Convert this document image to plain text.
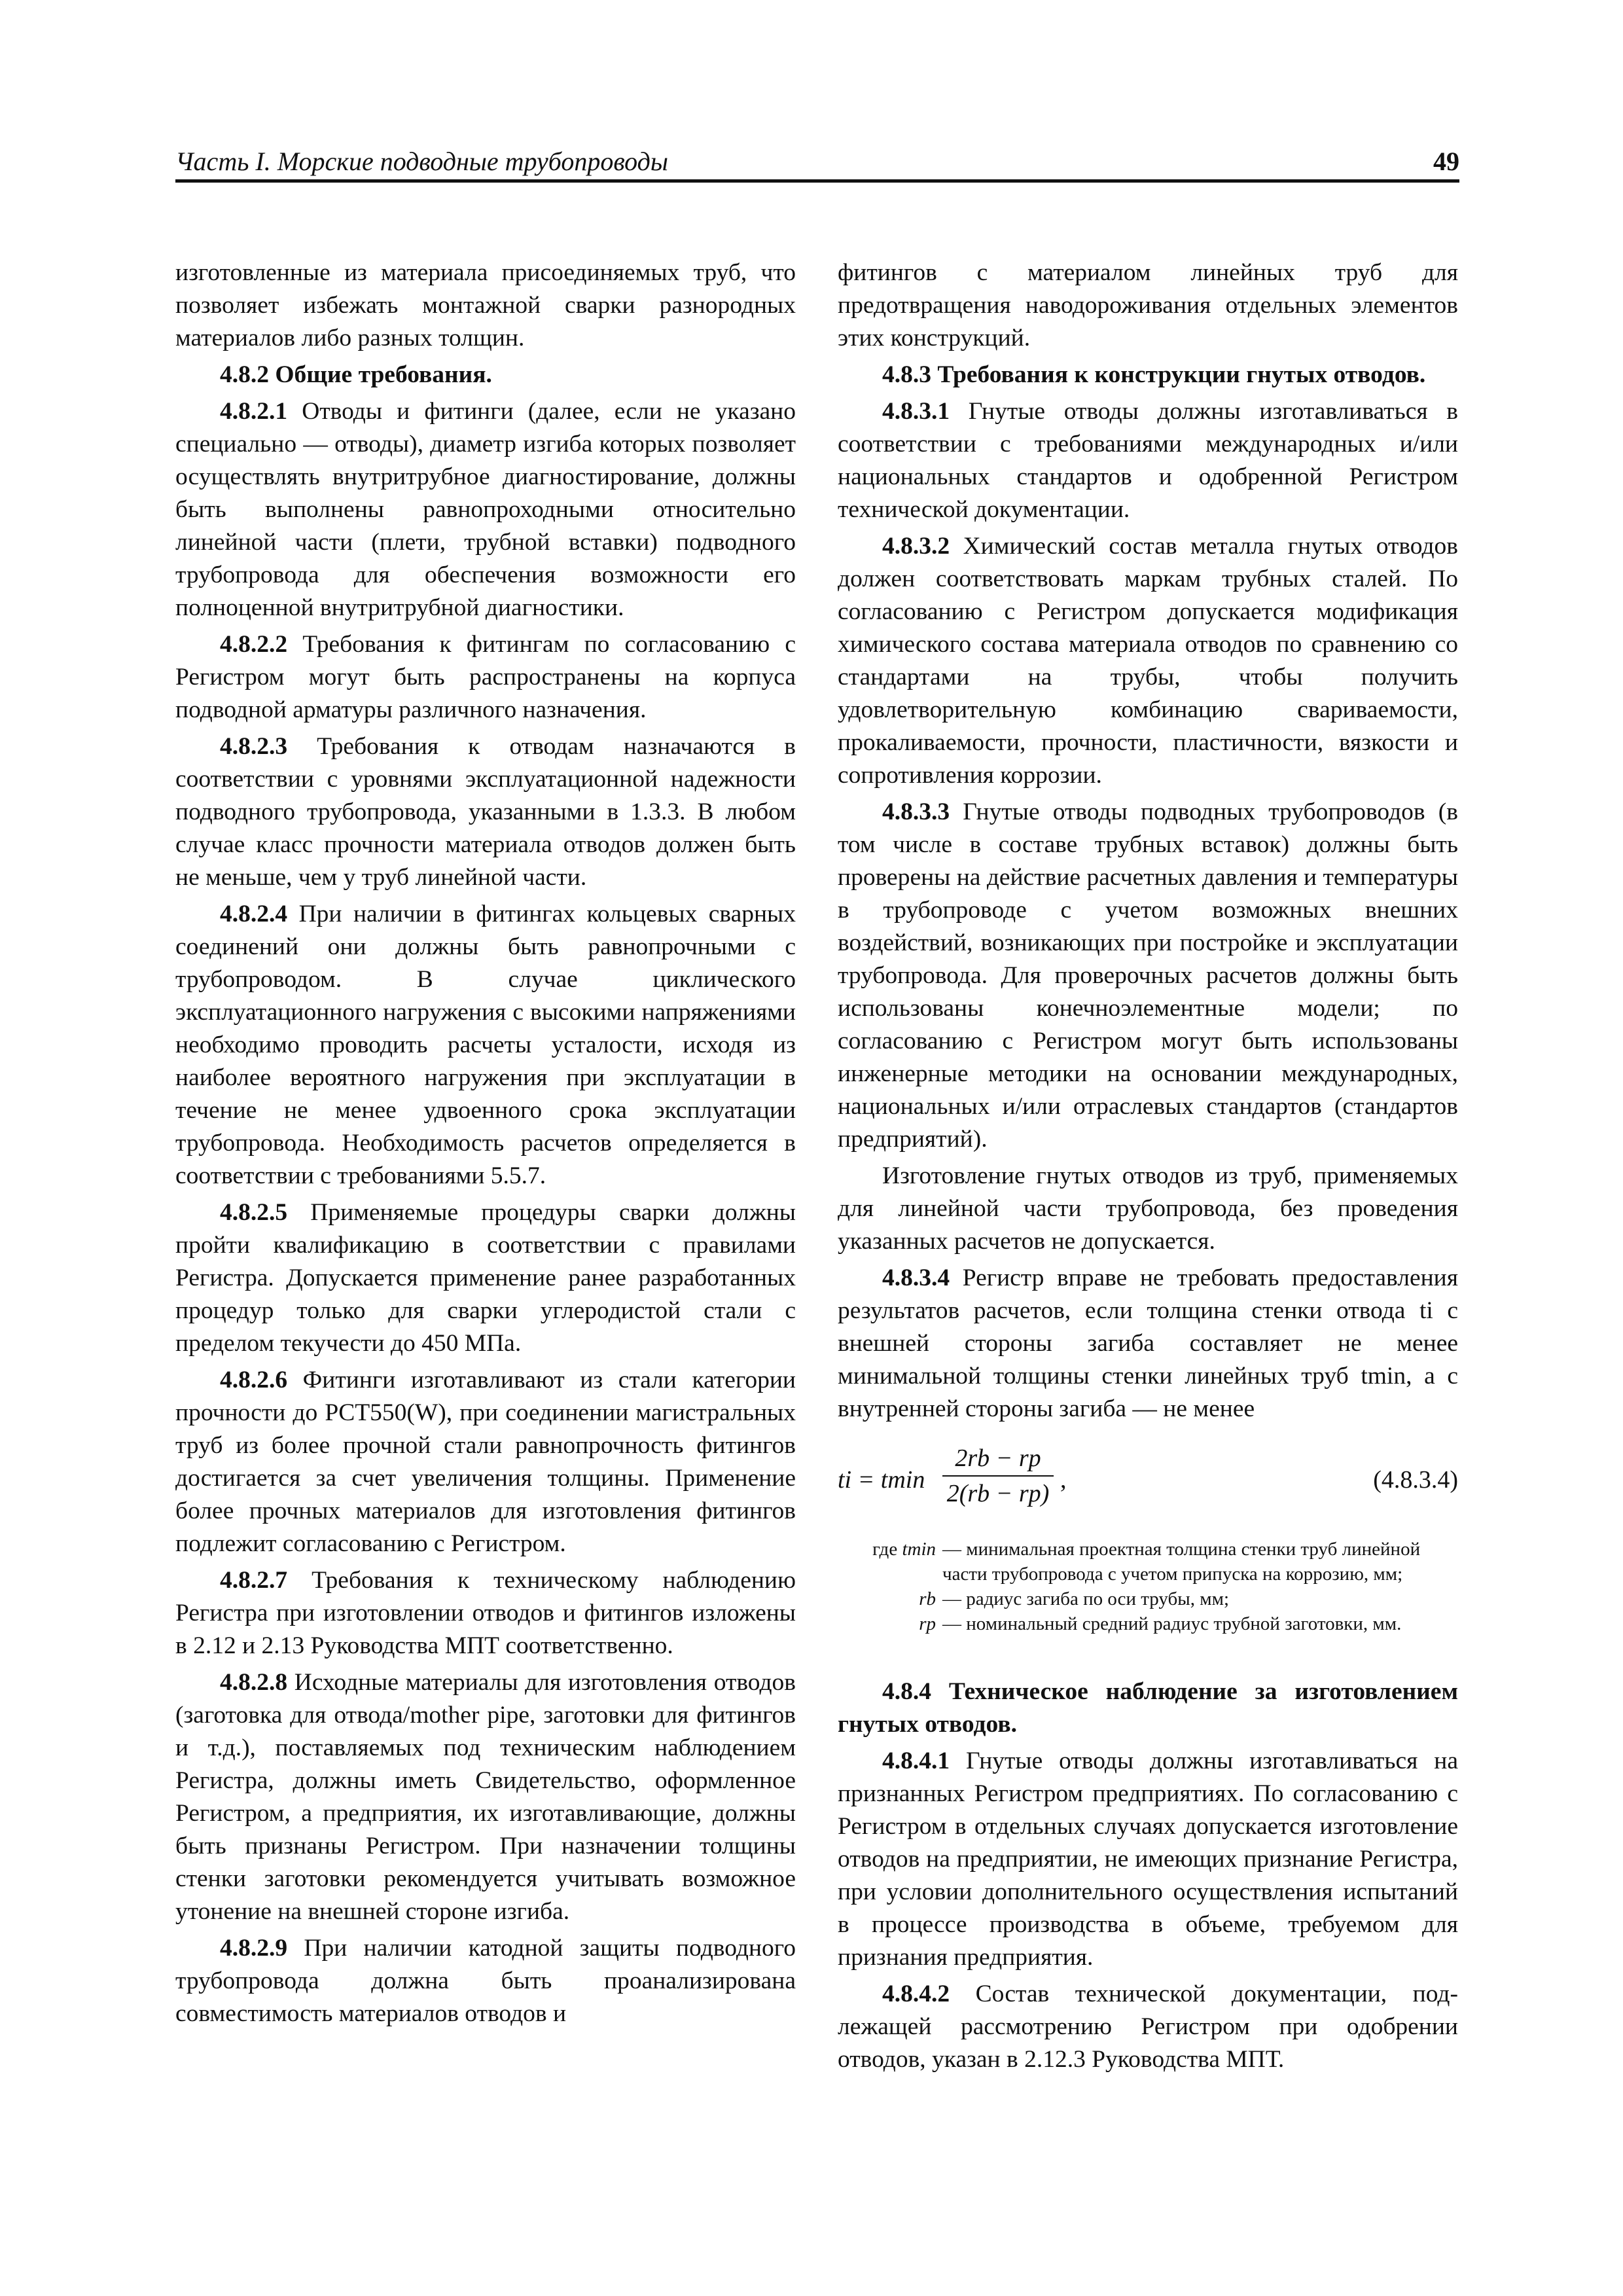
Часть I. Морские подводные трубопроводы	49

изготовленные из материала присоединяемых труб, что позволяет избежать монтажной сварки разнородных материалов либо разных толщин.

4.8.2 Общие требования.

4.8.2.1 Отводы и фитинги (далее, если не указано специально — отводы), диаметр изгиба которых позволяет осуществлять внутритрубное диагностирование, должны быть выполнены равнопроходными относительно линейной части (плети, трубной вставки) подводного трубопровода для обеспечения возможности его полноценной внутритрубной диагностики.

4.8.2.2 Требования к фитингам по согласованию с Регистром могут быть распространены на корпуса подводной арматуры различного назначения.

4.8.2.3 Требования к отводам назначаются в соответствии с уровнями эксплуатационной надежности подводного трубопровода, указанными в 1.3.3. В любом случае класс прочности материала отводов должен быть не меньше, чем у труб линейной части.

4.8.2.4 При наличии в фитингах кольцевых сварных соединений они должны быть равнопрочными с трубопроводом. В случае циклического эксплуатационного нагружения с высокими напряжениями необходимо проводить расчеты усталости, исходя из наиболее вероятного нагружения при эксплуатации в течение не менее удвоенного срока эксплуатации трубопровода. Необходимость расчетов определяется в соответствии с требованиями 5.5.7.

4.8.2.5 Применяемые процедуры сварки должны пройти квалификацию в соответствии с правилами Регистра. Допускается применение ранее разработанных процедур только для сварки углеродистой стали с пределом текучести до 450 МПа.

4.8.2.6 Фитинги изготавливают из стали категории прочности до PCT550(W), при соединении магистральных труб из более прочной стали равнопрочность фитингов достигается за счет увеличения толщины. Применение более прочных материалов для изготовления фитингов подлежит согласованию с Регистром.

4.8.2.7 Требования к техническому наблюдению Регистра при изготовлении отводов и фитингов изложены в 2.12 и 2.13 Руководства МПТ соответственно.

4.8.2.8 Исходные материалы для изготовления отводов (заготовка для отвода/mother pipe, заготовки для фитингов и т.д.), поставляемых под техническим наблюдением Регистра, должны иметь Свидетельство, оформленное Регистром, а предприятия, их изготавливающие, должны быть признаны Регистром. При назначении толщины стенки заготовки рекомендуется учитывать возможное утонение на внешней стороне изгиба.

4.8.2.9 При наличии катодной защиты подводного трубопровода должна быть проанализирована совместимость материалов отводов и

фитингов с материалом линейных труб для предотвращения наводороживания отдельных элементов этих конструкций.

4.8.3 Требования к конструкции гнутых отводов.

4.8.3.1 Гнутые отводы должны изготавливаться в соответствии с требованиями международных и/или национальных стандартов и одобренной Регистром технической документации.

4.8.3.2 Химический состав металла гнутых отводов должен соответствовать маркам трубных сталей. По согласованию с Регистром допускается модификация химического состава материала отводов по сравнению со стандартами на трубы, чтобы получить удовлетворительную комбинацию свариваемости, прокаливаемости, прочности, пластичности, вязкости и сопротивления коррозии.

4.8.3.3 Гнутые отводы подводных трубопроводов (в том числе в составе трубных вставок) должны быть проверены на действие расчетных давления и температуры в трубопроводе с учетом возможных внешних воздействий, возникающих при постройке и эксплуатации трубопровода. Для проверочных расчетов должны быть использованы конечноэлементные модели; по согласованию с Регистром могут быть использованы инженерные методики на основании международных, национальных и/или отраслевых стандартов (стандартов предприятий).

Изготовление гнутых отводов из труб, применяемых для линейной части трубопровода, без проведения указанных расчетов не допускается.

4.8.3.4 Регистр вправе не требовать предоставления результатов расчетов, если толщина стенки отвода ti с внешней стороны загиба составляет не менее минимальной толщины стенки линейных труб tmin, а с внутренней стороны загиба — не менее

ti = tmin
2rb − rp
2(rb − rp) ,	(4.8.3.4)
где tmin — минимальная проектная толщина стенки труб линейной части трубопровода с учетом припуска на коррозию, мм;
rb — радиус загиба по оси трубы, мм;
rp — номинальный средний радиус трубной заготовки, мм.

4.8.4 Техническое наблюдение за изготовлением гнутых отводов.

4.8.4.1 Гнутые отводы должны изготавливаться на признанных Регистром предприятиях. По согласованию с Регистром в отдельных случаях допускается изготовление отводов на предприятии, не имеющих признание Регистра, при условии дополнительного осуществления испытаний в процессе производства в объеме, требуемом для признания предприятия.

4.8.4.2 Состав технической документации, подлежащей рассмотрению Регистром при одобрении отводов, указан в 2.12.3 Руководства МПТ.
